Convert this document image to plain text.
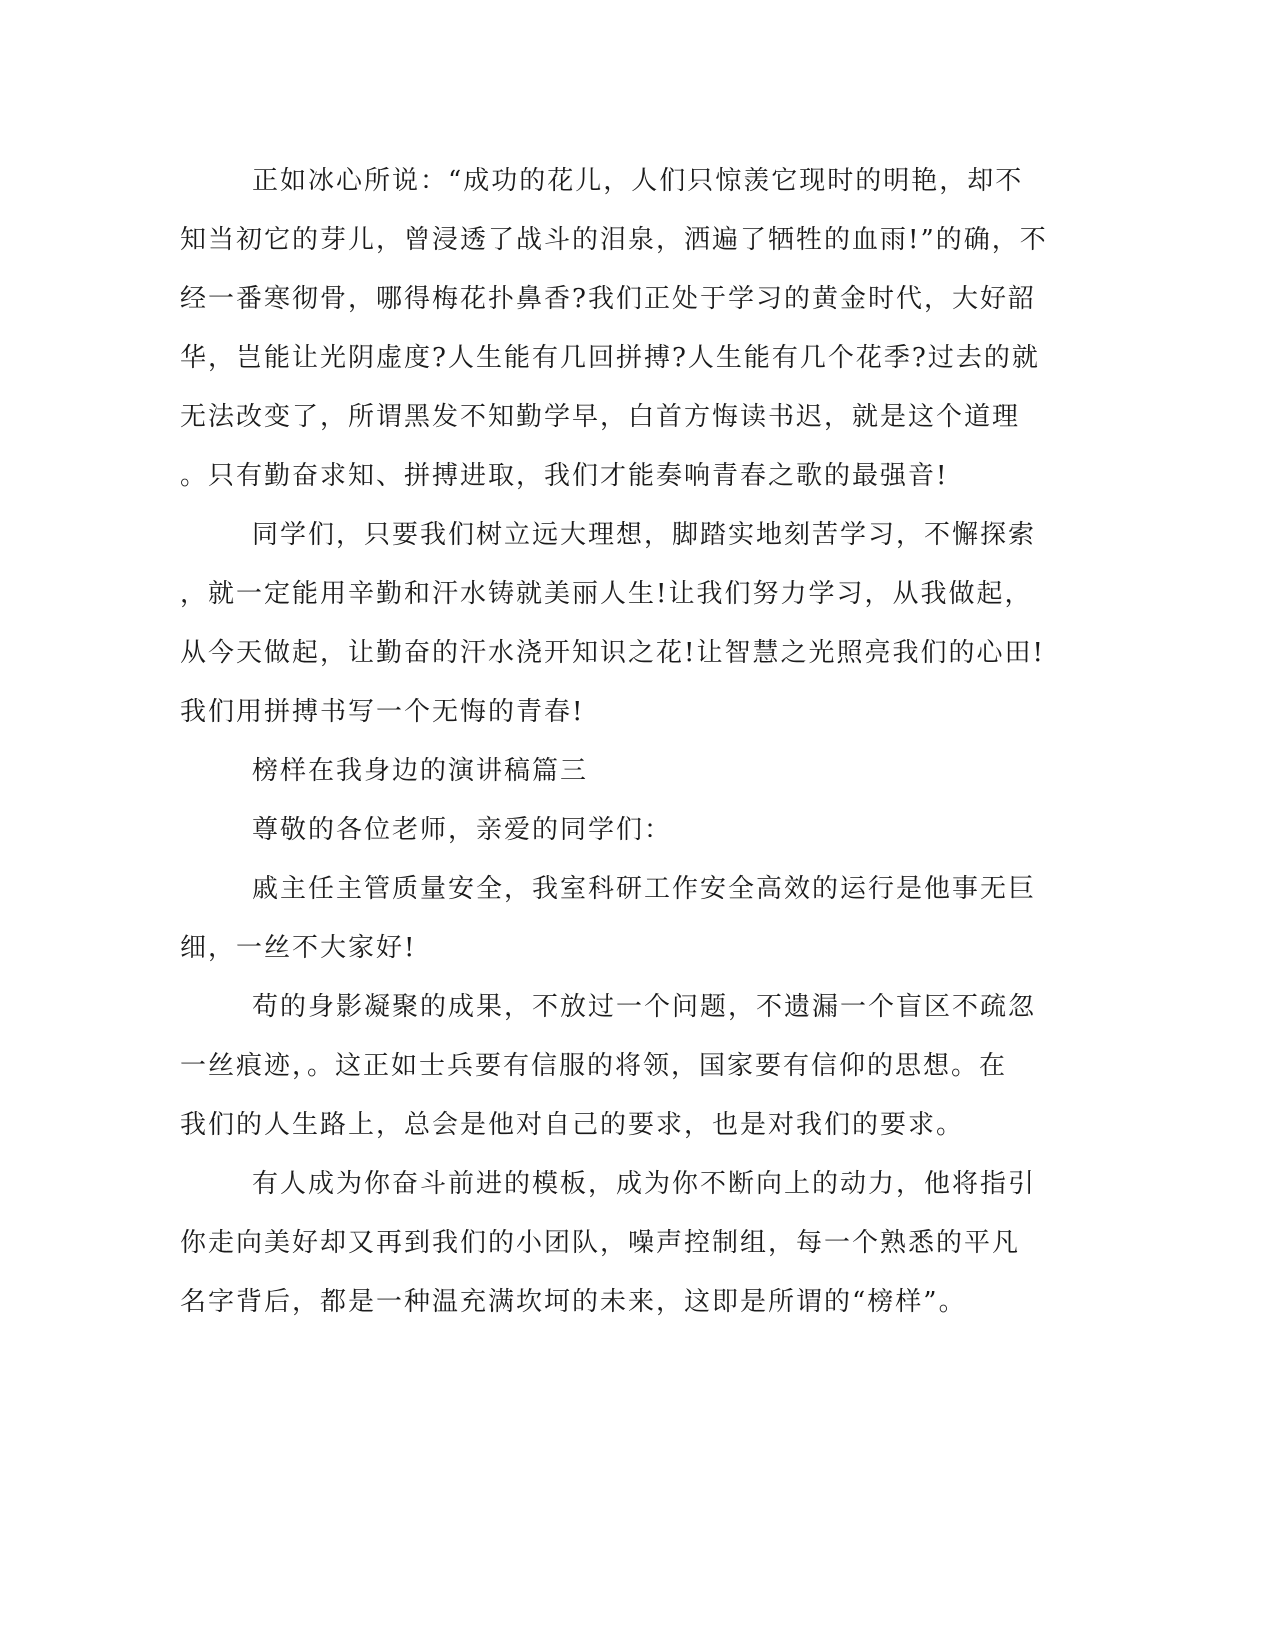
正如冰心所说：“成功的花儿，人们只惊羡它现时的明艳，却不
知当初它的芽儿，曾浸透了战斗的泪泉，洒遍了牺牲的血雨!”的确，不
经一番寒彻骨，哪得梅花扑鼻香?我们正处于学习的黄金时代，大好韶
华，岂能让光阴虚度?人生能有几回拼搏?人生能有几个花季?过去的就
无法改变了，所谓黑发不知勤学早，白首方悔读书迟，就是这个道理
。只有勤奋求知、拼搏进取，我们才能奏响青春之歌的最强音!
同学们，只要我们树立远大理想，脚踏实地刻苦学习，不懈探索
，就一定能用辛勤和汗水铸就美丽人生!让我们努力学习，从我做起，
从今天做起，让勤奋的汗水浇开知识之花!让智慧之光照亮我们的心田!
我们用拼搏书写一个无悔的青春!
榜样在我身边的演讲稿篇三
尊敬的各位老师，亲爱的同学们：
戚主任主管质量安全，我室科研工作安全高效的运行是他事无巨
细，一丝不大家好!
苟的身影凝聚的成果，不放过一个问题，不遗漏一个盲区不疏忽
一丝痕迹，。这正如士兵要有信服的将领，国家要有信仰的思想。在
我们的人生路上，总会是他对自己的要求，也是对我们的要求。
有人成为你奋斗前进的模板，成为你不断向上的动力，他将指引
你走向美好却又再到我们的小团队，噪声控制组，每一个熟悉的平凡
名字背后，都是一种温充满坎坷的未来，这即是所谓的“榜样”。
